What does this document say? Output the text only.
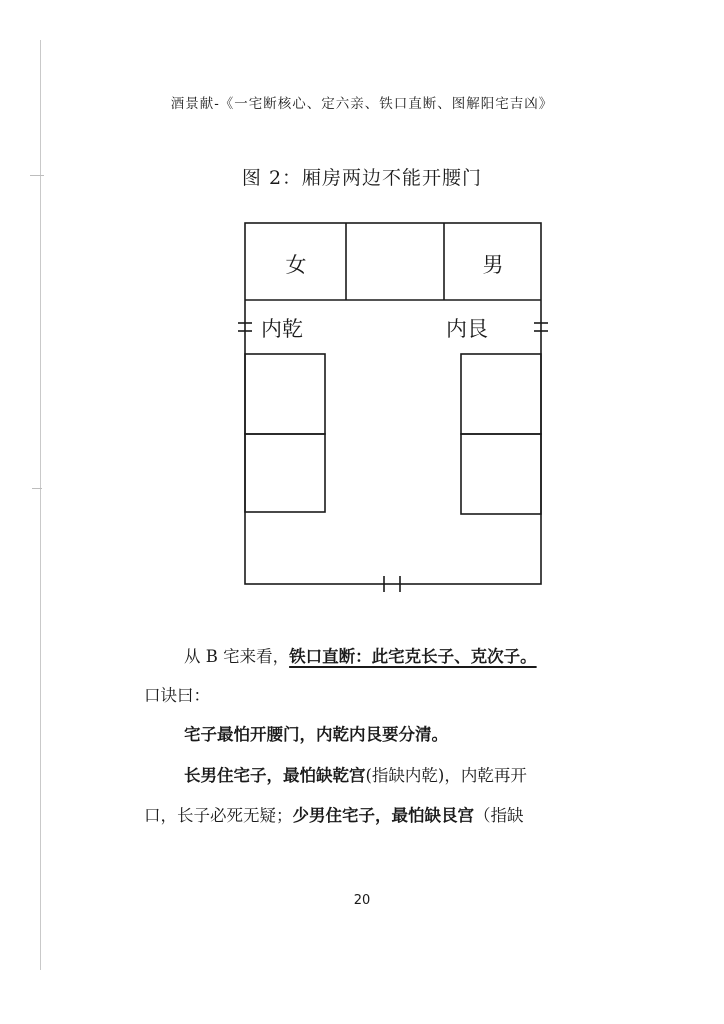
酒景献-《一宅断核心、定六亲、铁口直断、图解阳宅吉凶》
图 2：厢房两边不能开腰门
女	男
内乾	内艮

从 B 宅来看，铁口直断：此宅克长子、克次子。

口诀曰：

宅子最怕开腰门，内乾内艮要分清。

长男住宅子，最怕缺乾宫(指缺内乾)，内乾再开

口，长子必死无疑；少男住宅子，最怕缺艮宫（指缺

20
